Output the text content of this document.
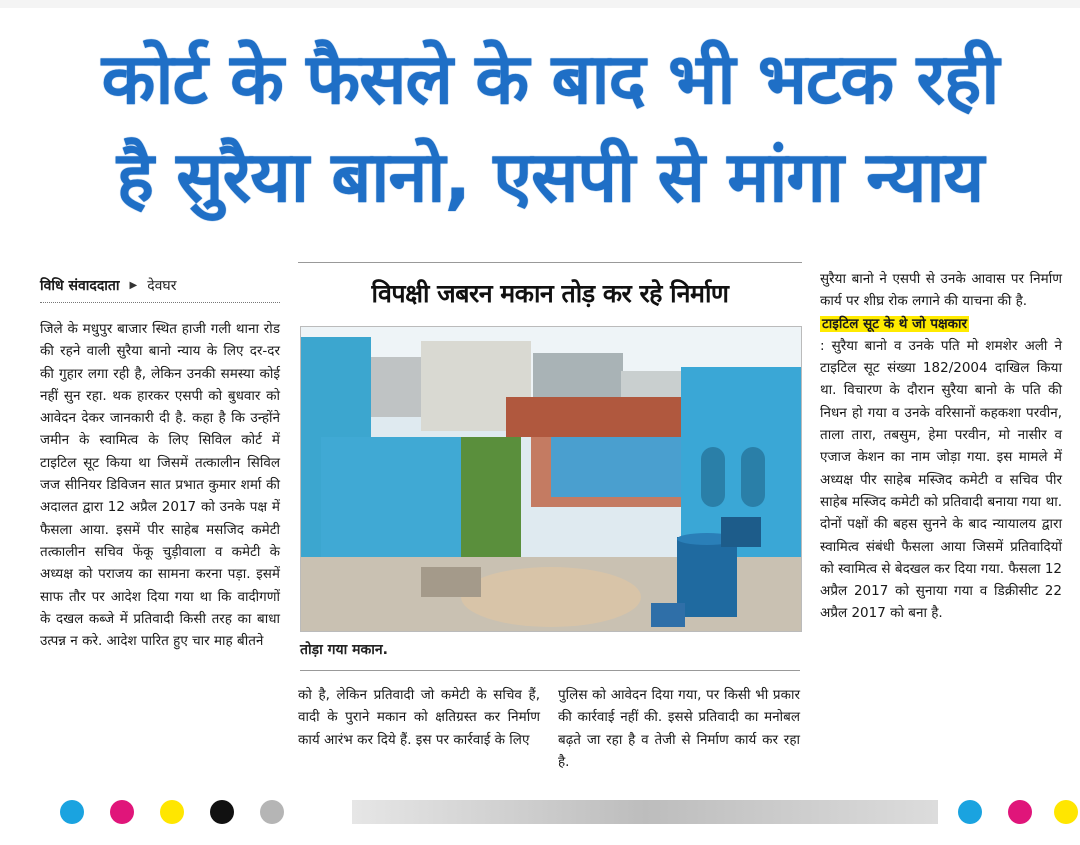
कोर्ट के फैसले के बाद भी भटक रही
है सुरैया बानो, एसपी से मांगा न्याय
विधि संवाददाता ▶ देवघर
जिले के मधुपुर बाजार स्थित हाजी गली थाना रोड की रहने वाली सुरैया बानो न्याय के लिए दर-दर की गुहार लगा रही है, लेकिन उनकी समस्या कोई नहीं सुन रहा. थक हारकर एसपी को बुधवार को आवेदन देकर जानकारी दी है. कहा है कि उन्होंने जमीन के स्वामित्व के लिए सिविल कोर्ट में टाइटिल सूट किया था जिसमें तत्कालीन सिविल जज सीनियर डिविजन सात प्रभात कुमार शर्मा की अदालत द्वारा 12 अप्रैल 2017 को उनके पक्ष में फैसला आया. इसमें पीर साहेब मसजिद कमेटी तत्कालीन सचिव फेंकू चुड़ीवाला व कमेटी के अध्यक्ष को पराजय का सामना करना पड़ा. इसमें साफ तौर पर आदेश दिया गया था कि वादीगणों के दखल कब्जे में प्रतिवादी किसी तरह का बाधा उत्पन्न न करे. आदेश पारित हुए चार माह बीतने
विपक्षी जबरन मकान तोड़ कर रहे निर्माण
तोड़ा गया मकान.
को है, लेकिन प्रतिवादी जो कमेटी के सचिव हैं, वादी के पुराने मकान को क्षतिग्रस्त कर निर्माण कार्य आरंभ कर दिये हैं. इस पर कार्रवाई के लिए
पुलिस को आवेदन दिया गया, पर किसी भी प्रकार की कार्रवाई नहीं की. इससे प्रतिवादी का मनोबल बढ़ते जा रहा है व तेजी से निर्माण कार्य कर रहा है.
सुरैया बानो ने एसपी से उनके आवास पर निर्माण कार्य पर शीघ्र रोक लगाने की याचना की है.
टाइटिल सूट के थे जो पक्षकार
: सुरैया बानो व उनके पति मो शमशेर अली ने टाइटिल सूट संख्या 182/2004 दाखिल किया था. विचारण के दौरान सुरैया बानो के पति की निधन हो गया व उनके वरिसानों कहकशा परवीन, ताला तारा, तबसुम, हेमा परवीन, मो नासीर व एजाज केशन का नाम जोड़ा गया. इस मामले में अध्यक्ष पीर साहेब मस्जिद कमेटी व सचिव पीर साहेब मस्जिद कमेटी को प्रतिवादी बनाया गया था. दोनों पक्षों की बहस सुनने के बाद न्यायालय द्वारा स्वामित्व संबंधी फैसला आया जिसमें प्रतिवादियों को स्वामित्व से बेदखल कर दिया गया. फैसला 12 अप्रैल 2017 को सुनाया गया व डिक्रीसीट 22 अप्रैल 2017 को बना है.
